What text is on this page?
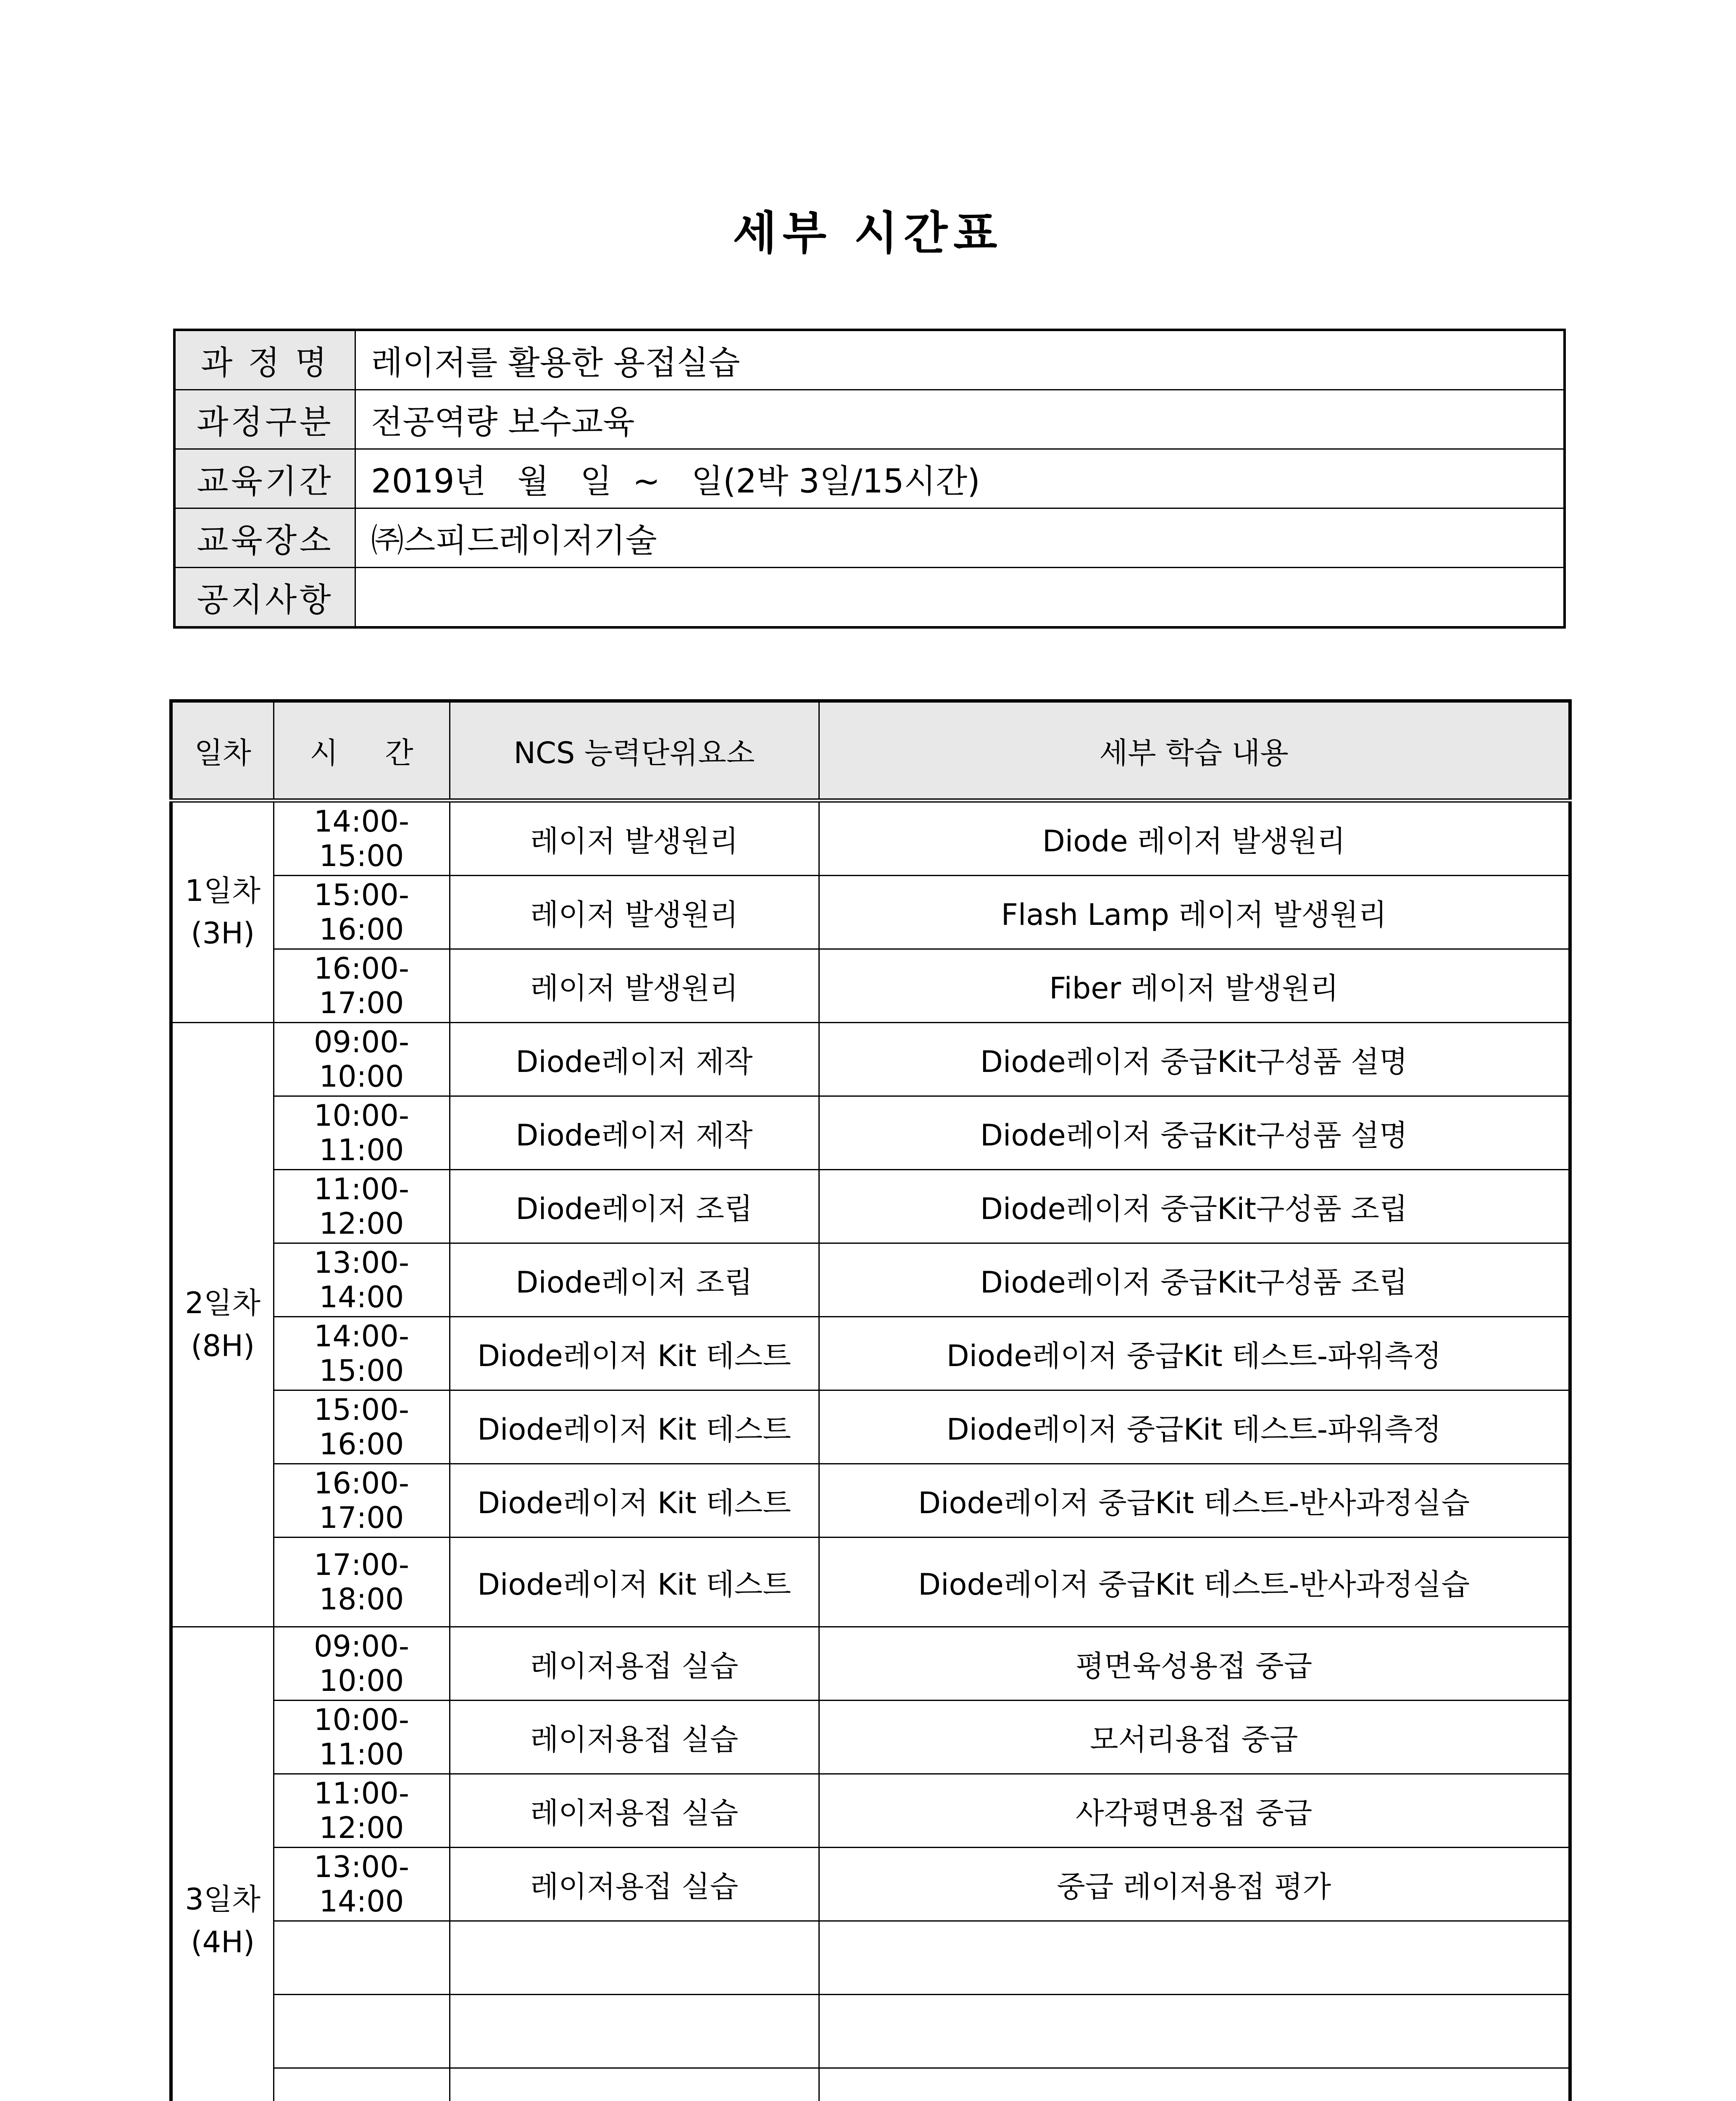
세부 시간표
과 정 명	레이저를 활용한 용접실습
과정구분	전공역량 보수교육
교육기간	2019년   월   일  ~   일(2박 3일/15시간)
교육장소	㈜스피드레이저기술
공지사항	
일차	시     간	NCS 능력단위요소	세부 학습 내용

1일차
(3H)	14:00-15:00	레이저 발생원리	Diode 레이저 발생원리
	15:00-16:00	레이저 발생원리	Flash Lamp 레이저 발생원리
	16:00-17:00	레이저 발생원리	Fiber 레이저 발생원리

2일차
(8H)	09:00-10:00	Diode레이저 제작	Diode레이저 중급Kit구성품 설명
	10:00-11:00	Diode레이저 제작	Diode레이저 중급Kit구성품 설명
	11:00-12:00	Diode레이저 조립	Diode레이저 중급Kit구성품 조립
	13:00-14:00	Diode레이저 조립	Diode레이저 중급Kit구성품 조립
	14:00-15:00	Diode레이저 Kit 테스트	Diode레이저 중급Kit 테스트-파워측정
	15:00-16:00	Diode레이저 Kit 테스트	Diode레이저 중급Kit 테스트-파워측정
	16:00-17:00	Diode레이저 Kit 테스트	Diode레이저 중급Kit 테스트-반사과정실습
	17:00-18:00	Diode레이저 Kit 테스트	Diode레이저 중급Kit 테스트-반사과정실습

3일차
(4H)	09:00-10:00	레이저용접 실습	평면육성용접 중급
	10:00-11:00	레이저용접 실습	모서리용접 중급
	11:00-12:00	레이저용접 실습	사각평면용접 중급
	13:00-14:00	레이저용접 실습	중급 레이저용접 평가
